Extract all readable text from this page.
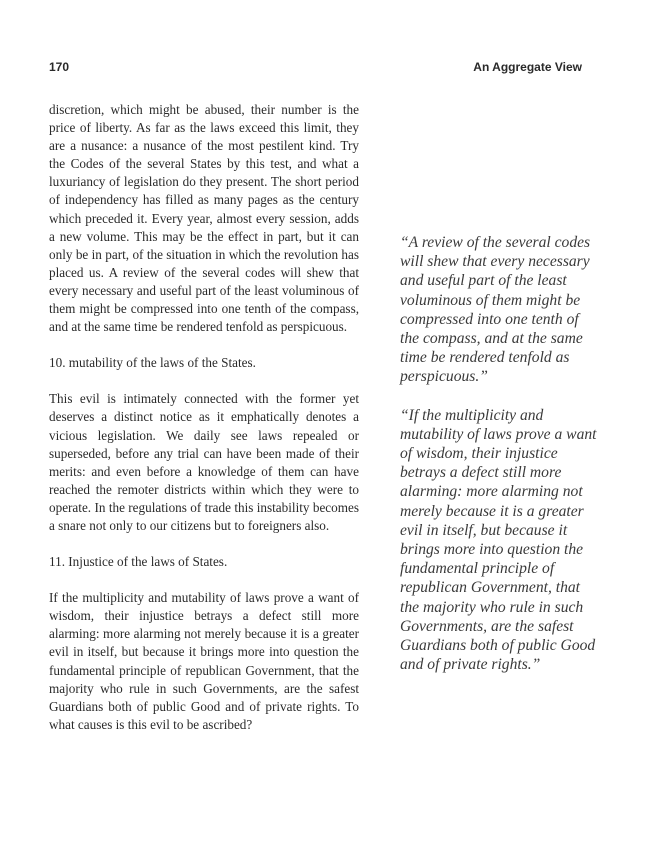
170	An Aggregate View

discretion, which might be abused, their number is the price of liberty. As far as the laws exceed this limit, they are a nusance: a nusance of the most pestilent kind. Try the Codes of the several States by this test, and what a luxuriancy of legislation do they present. The short period of independency has filled as many pages as the century which preceded it. Every year, almost every session, adds a new volume. This may be the effect in part, but it can only be in part, of the situation in which the revolution has placed us. A review of the several codes will shew that every necessary and useful part of the least voluminous of them might be compressed into one tenth of the compass, and at the same time be rendered tenfold as perspicuous.

10. mutability of the laws of the States.

This evil is intimately connected with the former yet deserves a distinct notice as it emphatically denotes a vicious legislation. We daily see laws repealed or superseded, before any trial can have been made of their merits: and even before a knowledge of them can have reached the remoter districts within which they were to operate. In the regulations of trade this instability becomes a snare not only to our citizens but to foreigners also.

11. Injustice of the laws of States.

If the multiplicity and mutability of laws prove a want of wisdom, their injustice betrays a defect still more alarming: more alarming not merely because it is a greater evil in itself, but because it brings more into question the fundamental principle of republican Government, that the majority who rule in such Governments, are the safest Guardians both of public Good and of private rights. To what causes is this evil to be ascribed?

“A review of the several codes will shew that every necessary and useful part of the least voluminous of them might be compressed into one tenth of the compass, and at the same time be rendered tenfold as perspicuous.”

“If the multiplicity and mutability of laws prove a want of wisdom, their injustice betrays a defect still more alarming: more alarming not merely because it is a greater evil in itself, but because it brings more into question the fundamental principle of republican Government, that the majority who rule in such Governments, are the safest Guardians both of public Good and of private rights.”
